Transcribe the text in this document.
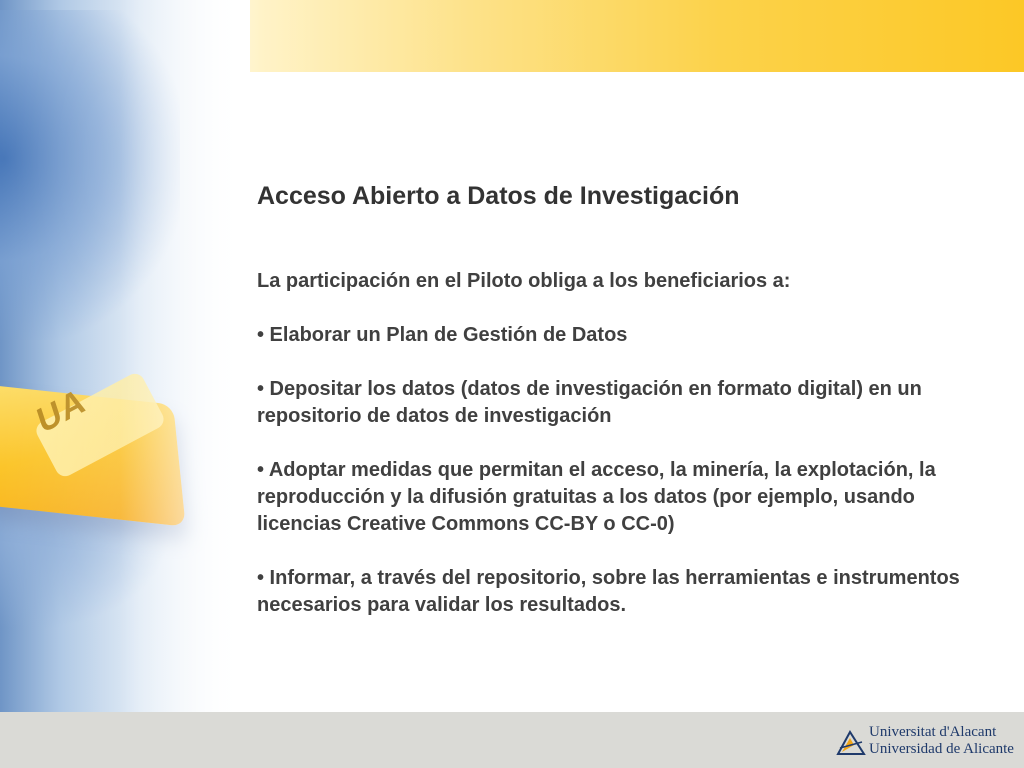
Acceso Abierto a Datos de Investigación

La participación en el Piloto obliga a los beneficiarios a:

• Elaborar un Plan de Gestión de Datos

• Depositar los datos (datos de investigación en formato digital) en un repositorio de datos de investigación

• Adoptar medidas que permitan el acceso, la minería, la explotación, la reproducción y la difusión gratuitas a los datos (por ejemplo, usando licencias Creative Commons CC-BY o CC-0)

• Informar, a través del repositorio, sobre las herramientas e instrumentos necesarios para validar los resultados.

Universitat d'Alacant
Universidad de Alicante
